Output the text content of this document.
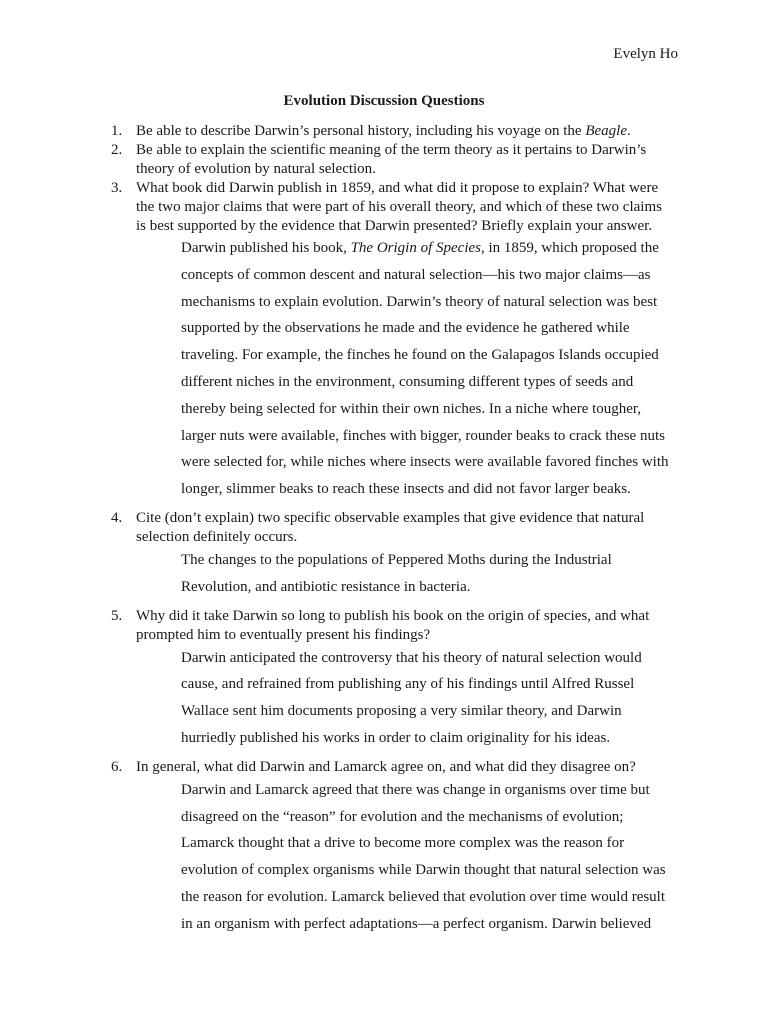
Evelyn Ho
Evolution Discussion Questions
1. Be able to describe Darwin’s personal history, including his voyage on the Beagle.
2. Be able to explain the scientific meaning of the term theory as it pertains to Darwin’s theory of evolution by natural selection.
3. What book did Darwin publish in 1859, and what did it propose to explain? What were the two major claims that were part of his overall theory, and which of these two claims is best supported by the evidence that Darwin presented? Briefly explain your answer.
Darwin published his book, The Origin of Species, in 1859, which proposed the concepts of common descent and natural selection—his two major claims—as mechanisms to explain evolution. Darwin’s theory of natural selection was best supported by the observations he made and the evidence he gathered while traveling. For example, the finches he found on the Galapagos Islands occupied different niches in the environment, consuming different types of seeds and thereby being selected for within their own niches. In a niche where tougher, larger nuts were available, finches with bigger, rounder beaks to crack these nuts were selected for, while niches where insects were available favored finches with longer, slimmer beaks to reach these insects and did not favor larger beaks.
4. Cite (don’t explain) two specific observable examples that give evidence that natural selection definitely occurs.
The changes to the populations of Peppered Moths during the Industrial Revolution, and antibiotic resistance in bacteria.
5. Why did it take Darwin so long to publish his book on the origin of species, and what prompted him to eventually present his findings?
Darwin anticipated the controversy that his theory of natural selection would cause, and refrained from publishing any of his findings until Alfred Russel Wallace sent him documents proposing a very similar theory, and Darwin hurriedly published his works in order to claim originality for his ideas.
6. In general, what did Darwin and Lamarck agree on, and what did they disagree on?
Darwin and Lamarck agreed that there was change in organisms over time but disagreed on the “reason” for evolution and the mechanisms of evolution; Lamarck thought that a drive to become more complex was the reason for evolution of complex organisms while Darwin thought that natural selection was the reason for evolution. Lamarck believed that evolution over time would result in an organism with perfect adaptations—a perfect organism. Darwin believed
